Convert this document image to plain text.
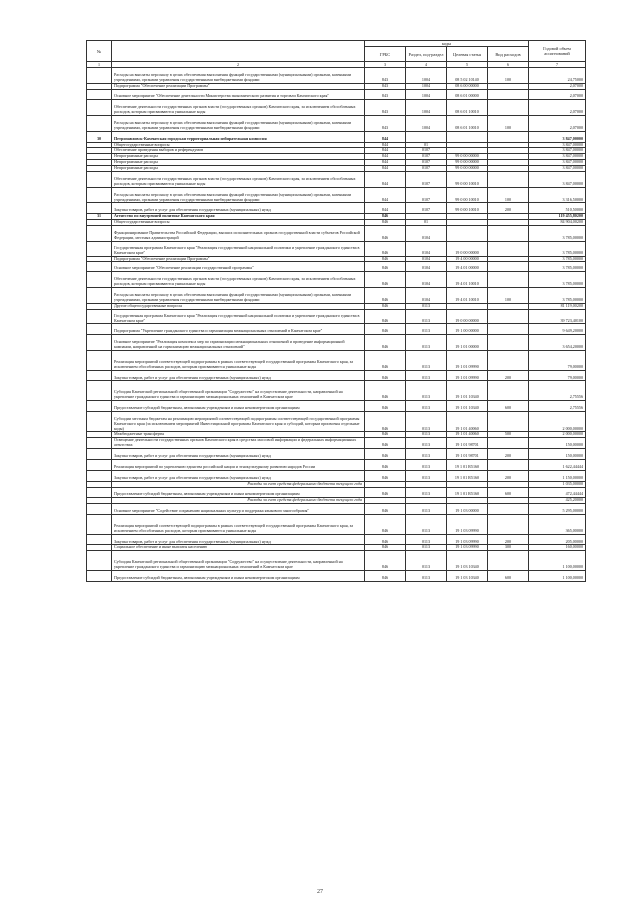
№		коды				Годовой объем ассигнований
		ГРБС	Раздел, под-раздел	Целевая статья	Вид расходов	
1	2	3	4	5	6	7
	Расходы на выплаты персоналу в целях обеспечения выполнения функций государственными (муниципальными) органами, казенными учреждениями, органами управления государственными внебюджетными фондами	843	1004	08 5 02 10140	100	24,75000
	Подпрограмма "Обеспечение реализации Программы"	843	1004	08 6 00 00000		2,07000
	Основное мероприятие "Обеспечение деятельности Министерства экономического развития и торговли Камчатского края"	843	1004	08 6 01 00000		2,07000
	Обеспечение деятельности государственных органов власти (государственных органов) Камчатского края, за исключением обособленных расходов, которым присваиваются уникальные коды	843	1004	08 6 01 10010		2,07000
	Расходы на выплаты персоналу в целях обеспечения выполнения функций государственными (муниципальными) органами, казенными учреждениями, органами управления государственными внебюджетными фондами	843	1004	08 6 01 10010	100	2,07000
30	Петропавловск-Камчатская городская территориальная избирательная комиссия	844				3 847,00000
	Общегосударственные вопросы	844	01			3 847,00000
	Обеспечение проведения выборов и референдумов	844	0107			3 847,00000
	Непрограммные расходы	844	0107	99 0 00 00000		3 847,00000
	Непрограммные расходы	844	0107	99 0 00 00000		3 847,00000
	Непрограммные расходы	844	0107	99 0 00 00000		3 847,00000
	Обеспечение деятельности государственных органов власти (государственных органов) Камчатского края, за исключением обособленных расходов, которым присваиваются уникальные коды	844	0107	99 0 00 10010		3 847,00000
	Расходы на выплаты персоналу в целях обеспечения выполнения функций государственными (муниципальными) органами, казенными учреждениями, органами управления государственными внебюджетными фондами	844	0107	99 0 00 10010	100	3 316,50000
	Закупка товаров, работ и услуг для обеспечения государственных (муниципальных) нужд	844	0107	99 0 00 10010	200	510,50000
31	Агентство по внутренней политике Камчатского края	846				119 455,80200
	Общегосударственные вопросы	846	01			84 904,00200
	Функционирование Правительства Российской Федерации, высших исполнительных органов государственной власти субъектов Российской Федерации, местных администраций	846	0104			3 785,00000
	Государственная программа Камчатского края "Реализация государственной национальной политики и укрепление гражданского единства в Камчатском крае"	846	0104	19 0 00 00000		3 785,00000
	Подпрограмма "Обеспечение реализации Программы"	846	0104	19 4 00 00000		3 785,00000
	Основное мероприятие "Обеспечение реализации государственной программы"	846	0104	19 4 01 00000		3 785,00000
	Обеспечение деятельности государственных органов власти (государственных органов) Камчатского края, за исключением обособленных расходов, которым присваиваются уникальные коды	846	0104	19 4 01 10010		3 785,00000
	Расходы на выплаты персоналу в целях обеспечения выполнения функций государственными (муниципальными) органами, казенными учреждениями, органами управления государственными внебюджетными фондами	846	0104	19 4 01 10010	100	3 785,00000
	Другие общегосударственные вопросы	846	0113			81 119,00200
	Государственная программа Камчатского края "Реализация государственной национальной политики и укрепление гражданского единства в Камчатском крае"	846	0113	19 0 00 00000		39 723,40100
	Подпрограмма "Укрепление гражданского единства и гармонизация межнациональных отношений в Камчатском крае"	846	0113	19 1 00 00000		9 649,20000
	Основное мероприятие "Реализация комплекса мер по гармонизации межнациональных отношений и проведение информационной кампании, направленной на гармонизацию межнациональных отношений"	846	0113	19 1 01 00000		3 654,20000
	Реализация мероприятий соответствующей подпрограммы в рамках соответствующей государственной программы Камчатского края, за исключением обособленных расходов, которым присваиваются уникальные коды	846	0113	19 1 01 09990		79,00000
	Закупка товаров, работ и услуг для обеспечения государственных (муниципальных) нужд	846	0113	19 1 01 09990	200	79,00000
	Субсидия Камчатской региональной общественной организации "Содружество" на осуществление деятельности, направленной на укрепление гражданского единства и гармонизацию межнациональных отношений в Камчатском крае	846	0113	19 1 01 10340		2,75556
	Предоставление субсидий бюджетным, автономным учреждениям и иным некоммерческим организациям	846	0113	19 1 01 10340	600	2,75556
	Субсидии местным бюджетам на реализацию мероприятий соответствующей подпрограммы соответствующей государственной программы Камчатского края (за исключением мероприятий Инвестиционной программы Камчатского края и субсидий, которым присвоены отдельные коды)	846	0113	19 1 01 40060		2 000,00000
	Межбюджетные трансферты	846	0113	19 1 01 40060	500	2 000,00000
	Освещение деятельности государственных органов Камчатского края в средствах массовой информации и федеральных информационных агентствах	846	0113	19 1 01 98701		150,00000
	Закупка товаров, работ и услуг для обеспечения государственных (муниципальных) нужд	846	0113	19 1 01 98701	200	150,00000
	Реализация мероприятий по укреплению единства российской нации и этнокультурному развитию народов России	846	0113	19 1 01 R5160		1 622,44444
	Закупка товаров, работ и услуг для обеспечения государственных (муниципальных) нужд	846	0113	19 1 01 R5160	200	1 150,00000
	Расходы за счет средств федерального бюджета текущего года					1 035,00000
	Предоставление субсидий бюджетным, автономным учреждениям и иным некоммерческим организациям	846	0113	19 1 01 R5160	600	472,44444
	Расходы за счет средств федерального бюджета текущего года					425,20000
	Основное мероприятие "Содействие сохранению национальных культур и поддержка языкового многообразия"	846	0113	19 1 03 00000		5 295,00000
	Реализация мероприятий соответствующей подпрограммы в рамках соответствующей государственной программы Камчатского края, за исключением обособленных расходов, которым присваиваются уникальные коды	846	0113	19 1 03 09990		365,00000
	Закупка товаров, работ и услуг для обеспечения государственных (муниципальных) нужд	846	0113	19 1 03 09990	200	205,00000
	Социальное обеспечение и иные выплаты населению	846	0113	19 1 03 09990	300	160,00000
	Субсидия Камчатской региональной общественной организации "Содружество" на осуществление деятельности, направленной на укрепление гражданского единства и гармонизацию межнациональных отношений в Камчатском крае	846	0113	19 1 03 10340		1 100,00000
	Предоставление субсидий бюджетным, автономным учреждениям и иным некоммерческим организациям	846	0113	19 1 03 10340	600	1 100,00000
27
